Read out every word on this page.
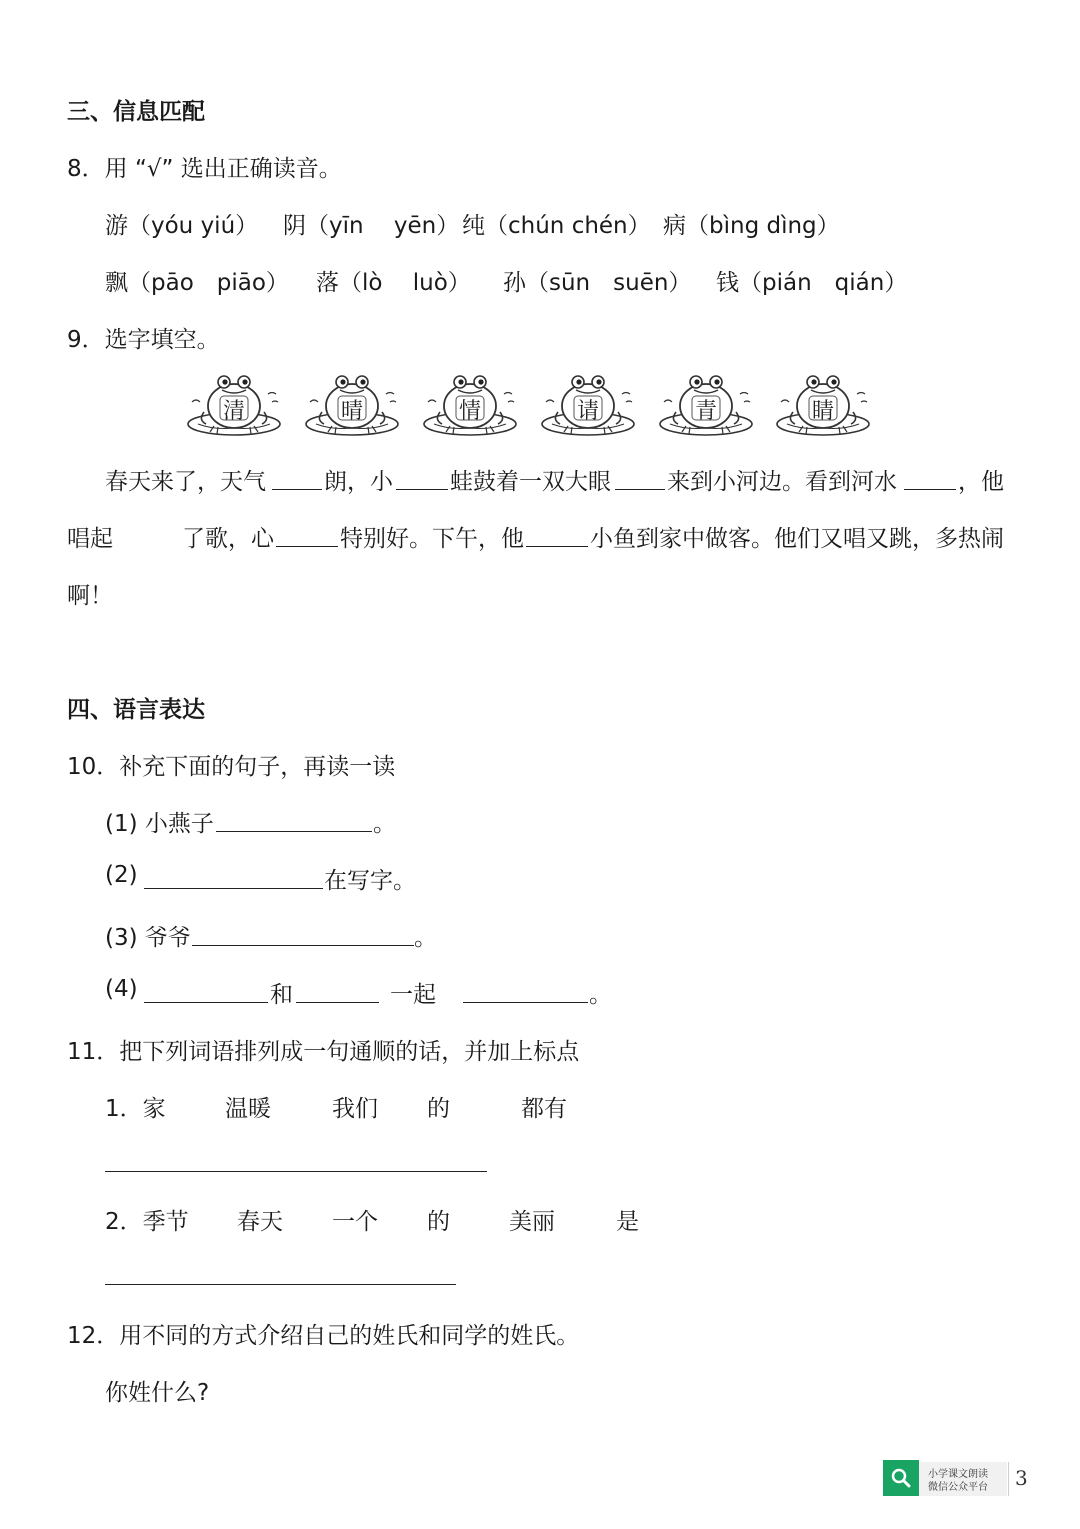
三、信息匹配
8．用 “√” 选出正确读音。
游（yóu yiú） 阴（yīn　 yēn） 纯（chún chén） 病（bìng dìng）
飘（pāo　piāo） 落（lò　 luò） 孙（sūn　suēn） 钱（pián　qián）
9．选字填空。
清	晴	情	请	青	睛
春天来了，天气	朗，小 蛙鼓着一双大眼 来到小河边。看到河水	，他
唱起	了歌，心	特别好。下午，他	小鱼到家中做客。他们又唱又跳，多热闹
啊！
四、语言表达
10．补充下面的句子，再读一读
(1) 小燕子	。
(2)	在写字。
(3) 爷爷	。
(4)	和	一起	。
11．把下列词语排列成一句通顺的话，并加上标点
1．家	温暖	我们 的	都有
2．季节 春天 一个 的	美丽	是
12．用不同的方式介绍自己的姓氏和同学的姓氏。
你姓什么?
小学课文朗读
微信公众平台 3
